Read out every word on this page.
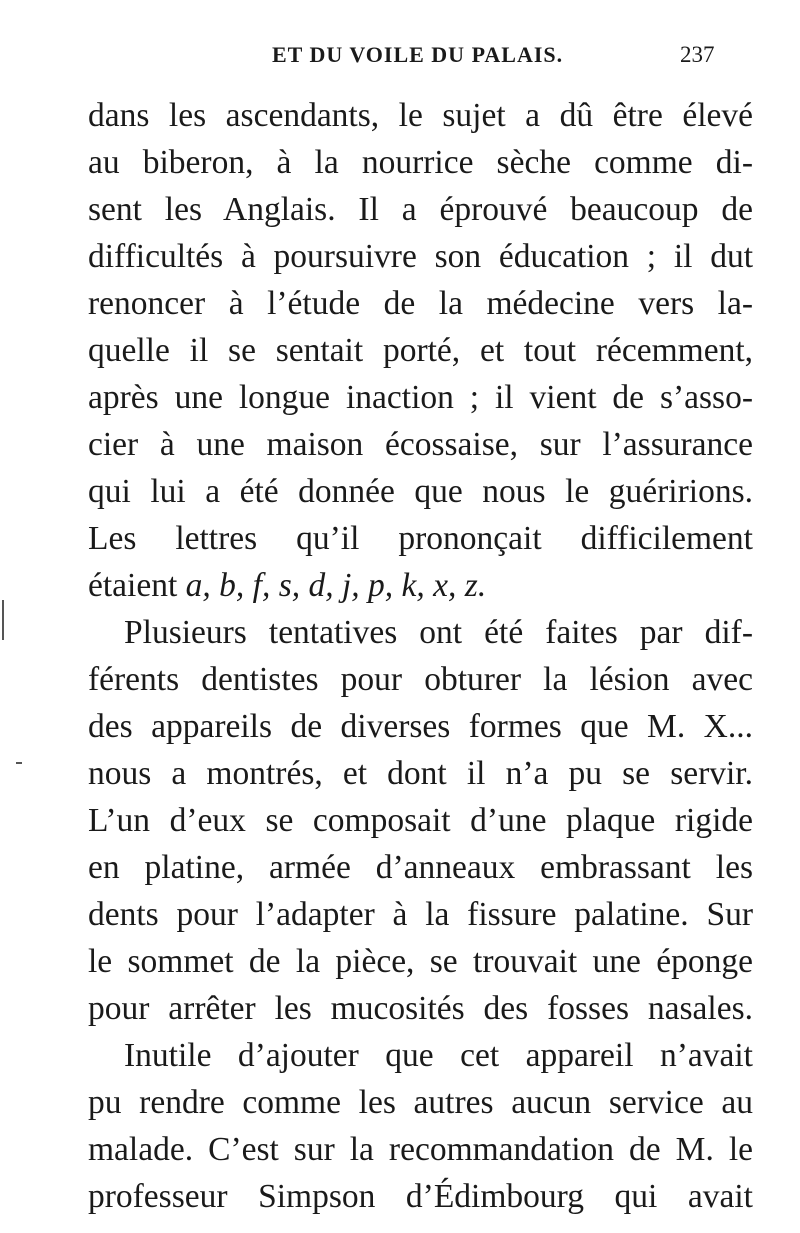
ET DU VOILE DU PALAIS.	237
dans les ascendants, le sujet a dû être élevé
au biberon, à la nourrice sèche comme di-
sent les Anglais. Il a éprouvé beaucoup de
difficultés à poursuivre son éducation ; il dut
renoncer à l’étude de la médecine vers la-
quelle il se sentait porté, et tout récemment,
après une longue inaction ; il vient de s’asso-
cier à une maison écossaise, sur l’assurance
qui lui a été donnée que nous le guéririons.
Les lettres qu’il prononçait difficilement
étaient a, b, f, s, d, j, p, k, x, z.
Plusieurs tentatives ont été faites par dif-
férents dentistes pour obturer la lésion avec
des appareils de diverses formes que M. X...
nous a montrés, et dont il n’a pu se servir.
L’un d’eux se composait d’une plaque rigide
en platine, armée d’anneaux embrassant les
dents pour l’adapter à la fissure palatine. Sur
le sommet de la pièce, se trouvait une éponge
pour arrêter les mucosités des fosses nasales.
Inutile d’ajouter que cet appareil n’avait
pu rendre comme les autres aucun service au
malade. C’est sur la recommandation de M. le
professeur Simpson d’Édimbourg qui avait
